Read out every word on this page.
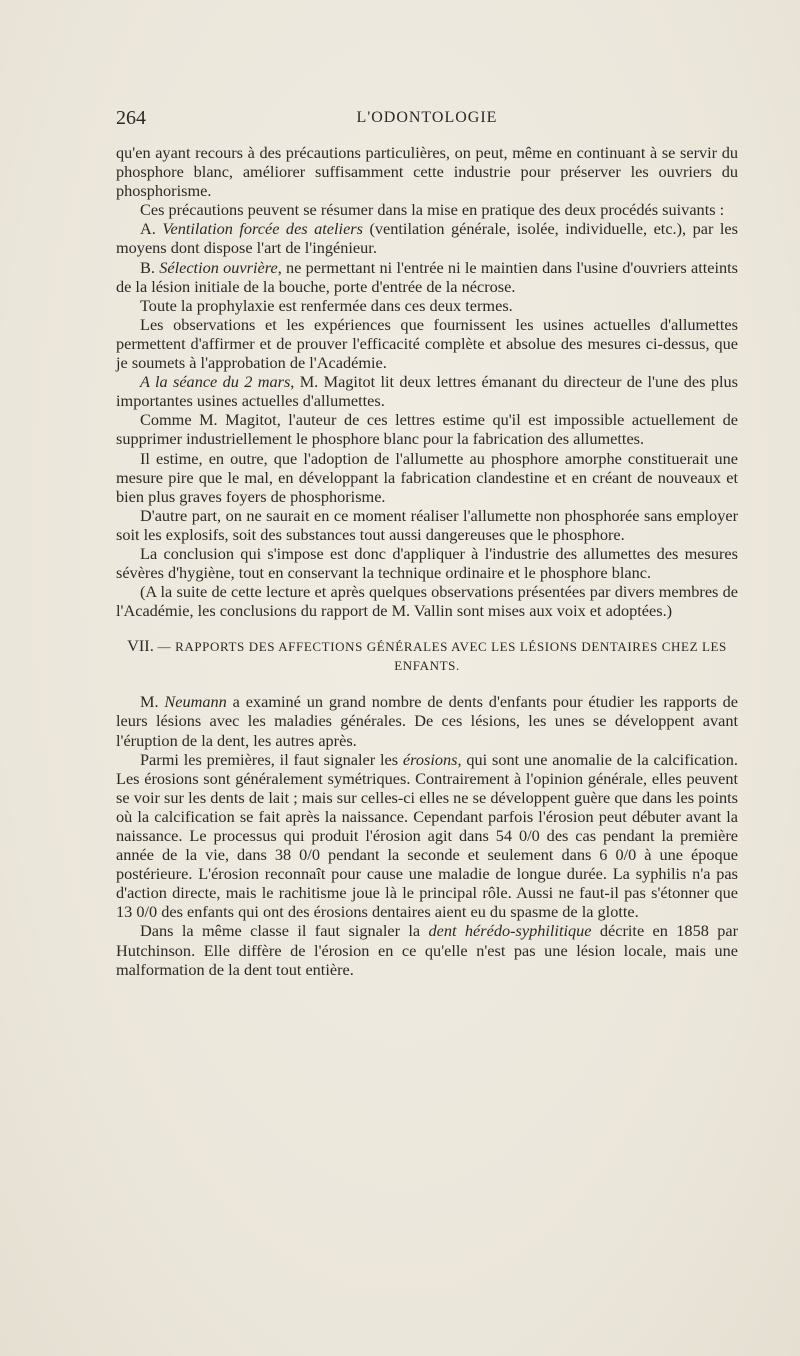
264	L'ODONTOLOGIE

qu'en ayant recours à des précautions particulières, on peut, même en continuant à se servir du phosphore blanc, améliorer suffisamment cette industrie pour préserver les ouvriers du phosphorisme.

Ces précautions peuvent se résumer dans la mise en pratique des deux procédés suivants :

A. Ventilation forcée des ateliers (ventilation générale, isolée, individuelle, etc.), par les moyens dont dispose l'art de l'ingénieur.

B. Sélection ouvrière, ne permettant ni l'entrée ni le maintien dans l'usine d'ouvriers atteints de la lésion initiale de la bouche, porte d'entrée de la nécrose.

Toute la prophylaxie est renfermée dans ces deux termes.

Les observations et les expériences que fournissent les usines actuelles d'allumettes permettent d'affirmer et de prouver l'efficacité complète et absolue des mesures ci-dessus, que je soumets à l'approbation de l'Académie.

A la séance du 2 mars, M. Magitot lit deux lettres émanant du directeur de l'une des plus importantes usines actuelles d'allumettes.

Comme M. Magitot, l'auteur de ces lettres estime qu'il est impossible actuellement de supprimer industriellement le phosphore blanc pour la fabrication des allumettes.

Il estime, en outre, que l'adoption de l'allumette au phosphore amorphe constituerait une mesure pire que le mal, en développant la fabrication clandestine et en créant de nouveaux et bien plus graves foyers de phosphorisme.

D'autre part, on ne saurait en ce moment réaliser l'allumette non phosphorée sans employer soit les explosifs, soit des substances tout aussi dangereuses que le phosphore.

La conclusion qui s'impose est donc d'appliquer à l'industrie des allumettes des mesures sévères d'hygiène, tout en conservant la technique ordinaire et le phosphore blanc.

(A la suite de cette lecture et après quelques observations présentées par divers membres de l'Académie, les conclusions du rapport de M. Vallin sont mises aux voix et adoptées.)

VII. — RAPPORTS DES AFFECTIONS GÉNÉRALES AVEC LES LÉSIONS DENTAIRES CHEZ LES ENFANTS.

M. Neumann a examiné un grand nombre de dents d'enfants pour étudier les rapports de leurs lésions avec les maladies générales. De ces lésions, les unes se développent avant l'éruption de la dent, les autres après.

Parmi les premières, il faut signaler les érosions, qui sont une anomalie de la calcification. Les érosions sont généralement symétriques. Contrairement à l'opinion générale, elles peuvent se voir sur les dents de lait ; mais sur celles-ci elles ne se développent guère que dans les points où la calcification se fait après la naissance. Cependant parfois l'érosion peut débuter avant la naissance. Le processus qui produit l'érosion agit dans 54 0/0 des cas pendant la première année de la vie, dans 38 0/0 pendant la seconde et seulement dans 6 0/0 à une époque postérieure. L'érosion reconnaît pour cause une maladie de longue durée. La syphilis n'a pas d'action directe, mais le rachitisme joue là le principal rôle. Aussi ne faut-il pas s'étonner que 13 0/0 des enfants qui ont des érosions dentaires aient eu du spasme de la glotte.

Dans la même classe il faut signaler la dent hérédo-syphilitique décrite en 1858 par Hutchinson. Elle diffère de l'érosion en ce qu'elle n'est pas une lésion locale, mais une malformation de la dent tout entière.
